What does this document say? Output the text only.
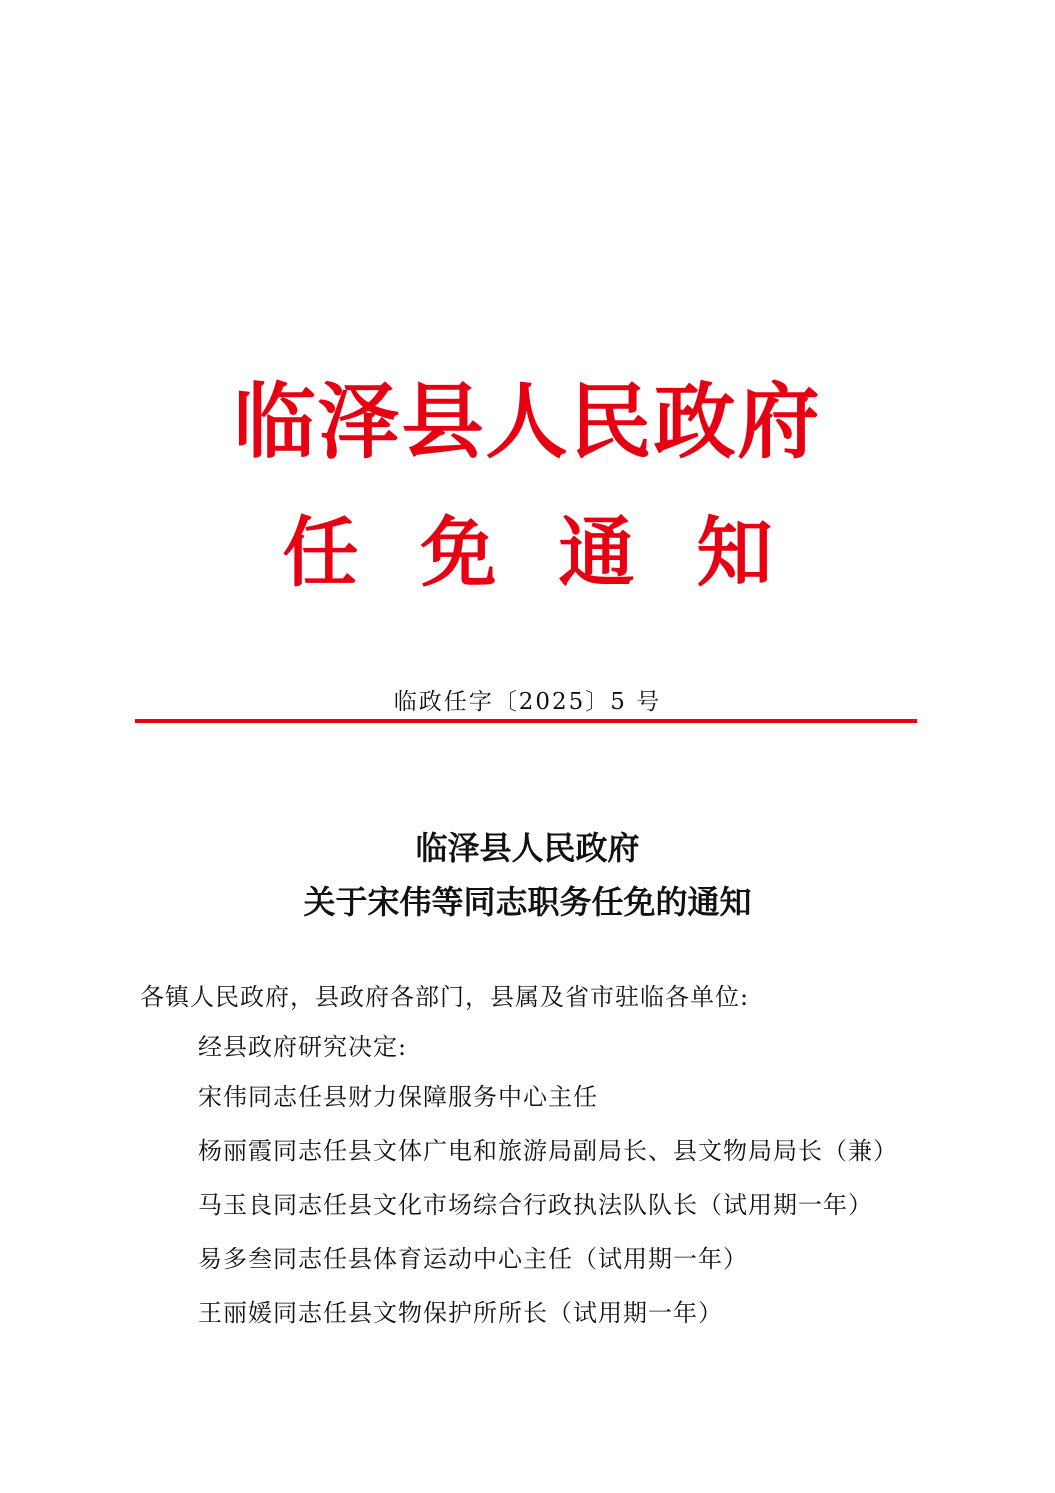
临泽县人民政府
任免通知
临政任字〔2025〕5 号
临泽县人民政府
关于宋伟等同志职务任免的通知
各镇人民政府，县政府各部门，县属及省市驻临各单位:
经县政府研究决定:
宋伟同志任县财力保障服务中心主任
杨丽霞同志任县文体广电和旅游局副局长、县文物局局长（兼）
马玉良同志任县文化市场综合行政执法队队长（试用期一年）
易多叁同志任县体育运动中心主任（试用期一年）
王丽媛同志任县文物保护所所长（试用期一年）
